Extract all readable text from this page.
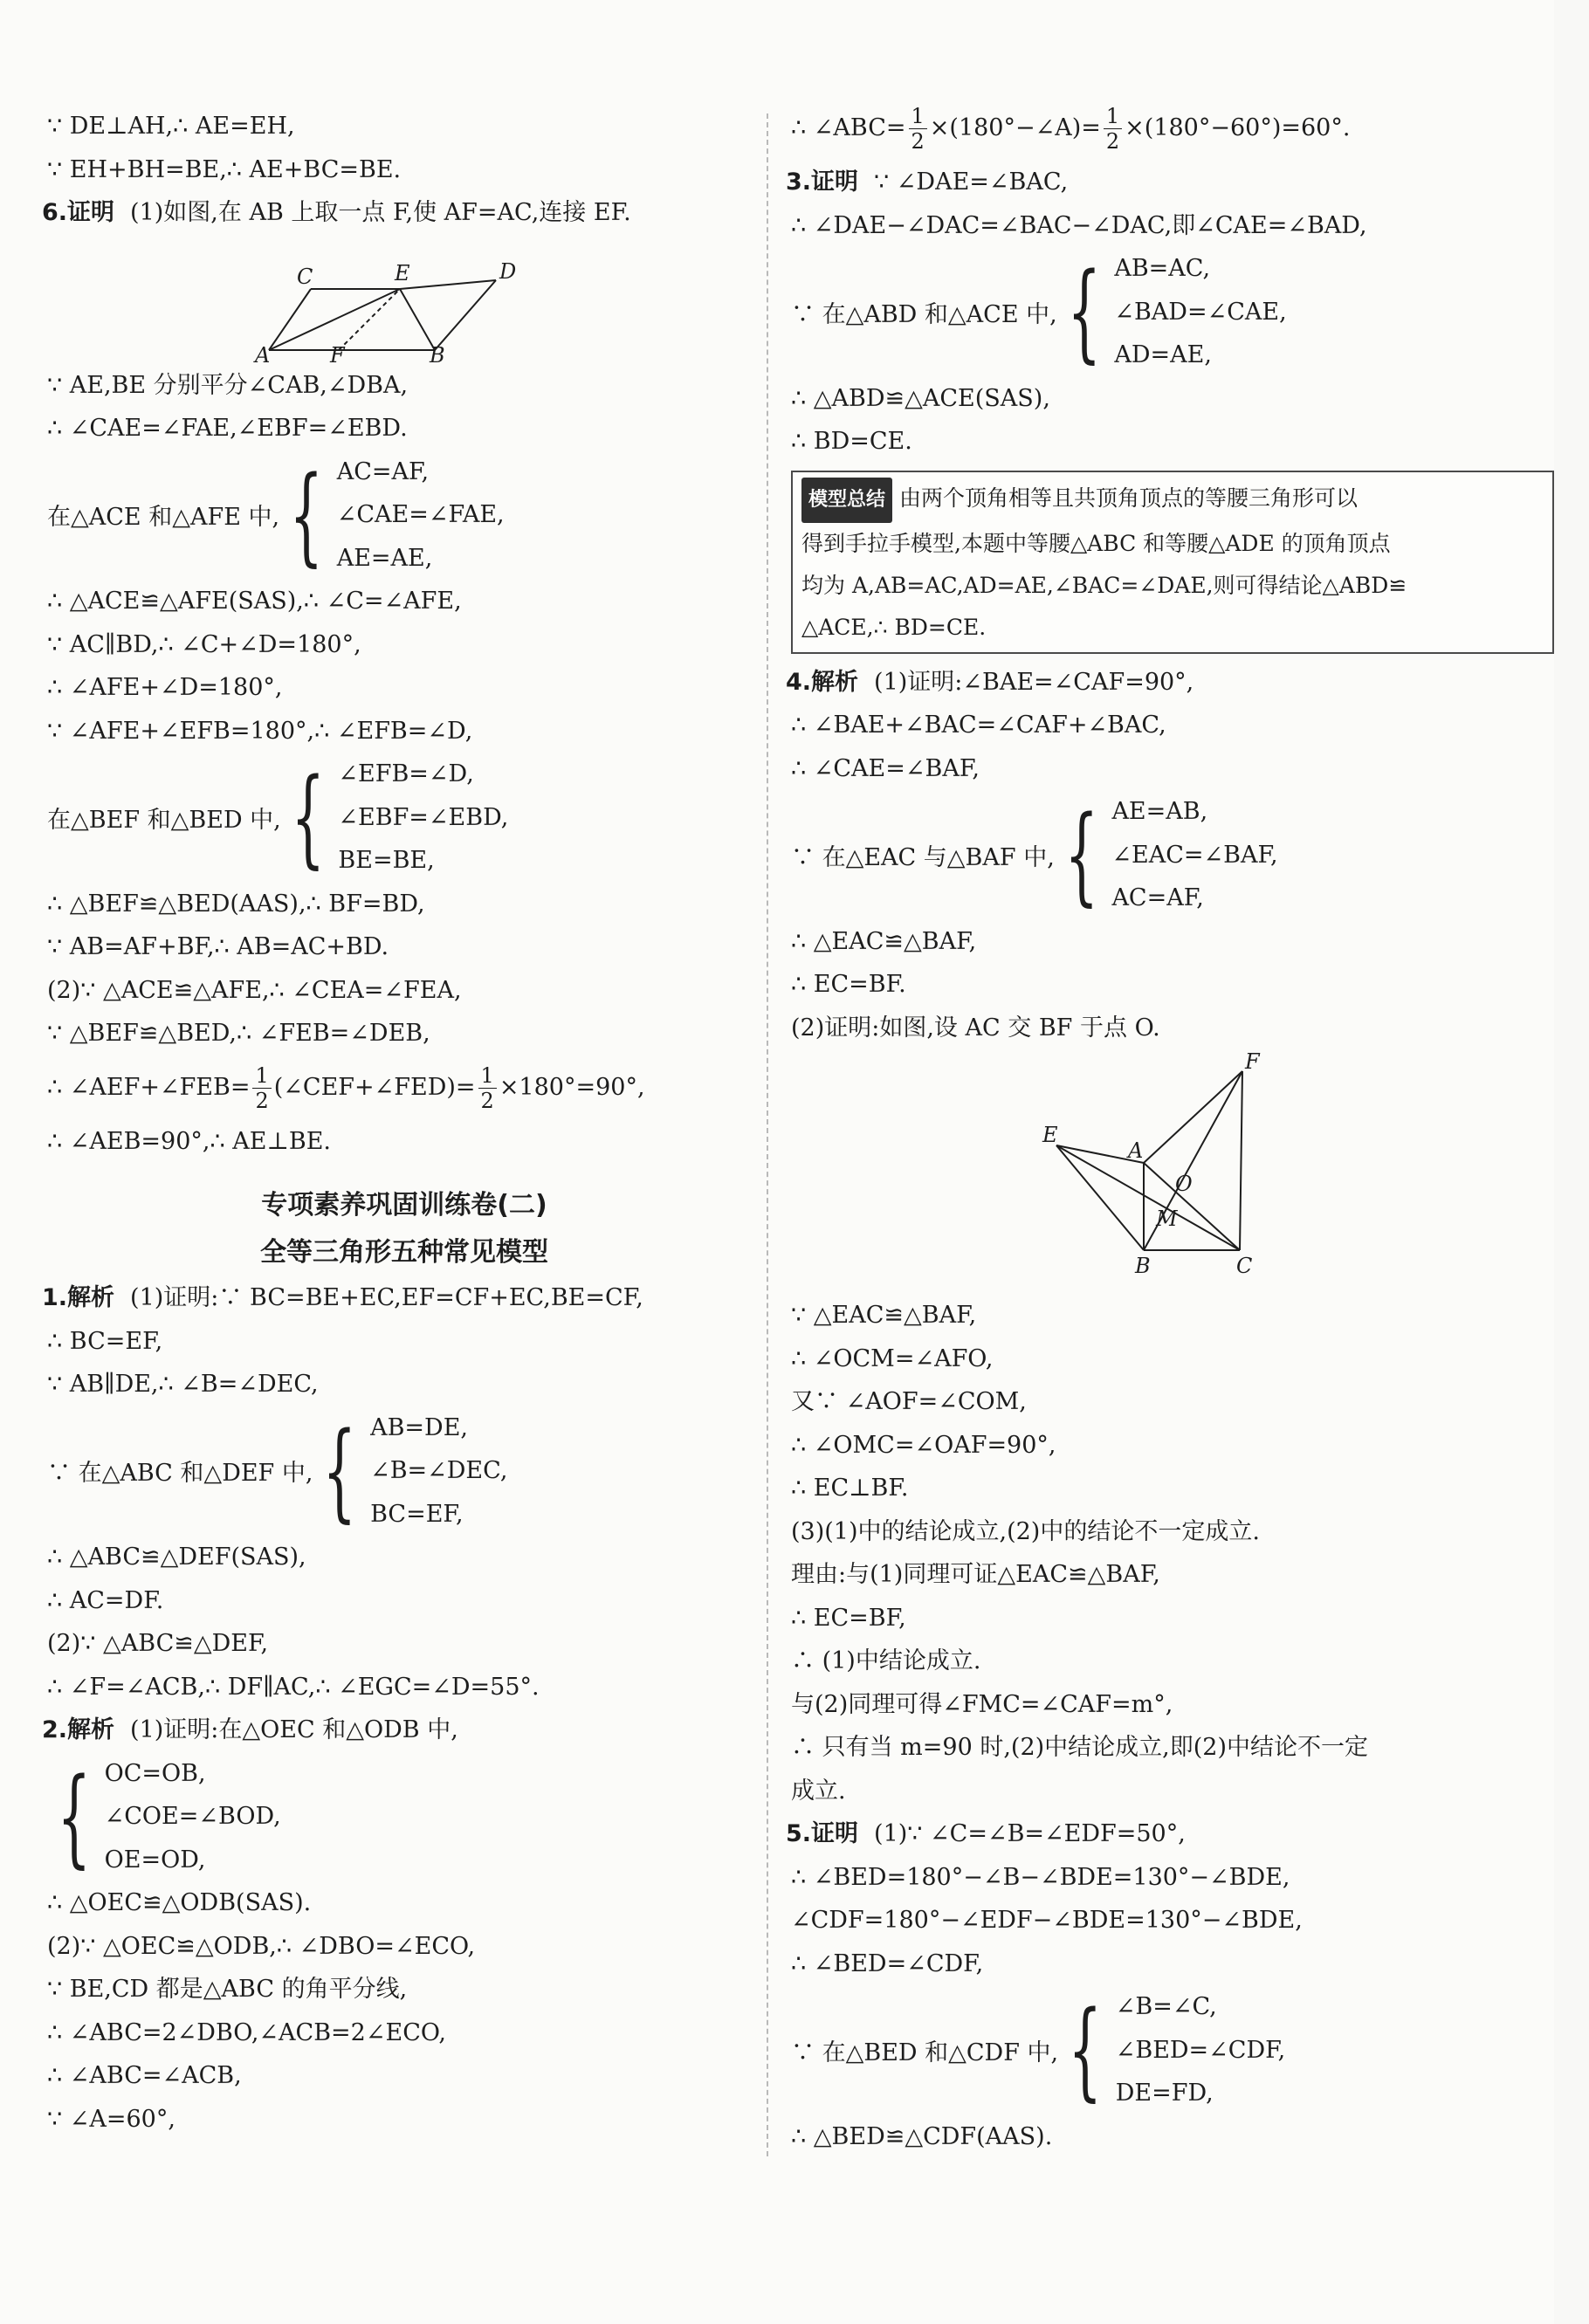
∵ DE⊥AH,∴ AE=EH,
∵ EH+BH=BE,∴ AE+BC=BE.
6.证明 (1)如图,在 AB 上取一点 F,使 AF=AC,连接 EF.
A	F	B
C	E	D
∵ AE,BE 分别平分∠CAB,∠DBA,
∴ ∠CAE=∠FAE,∠EBF=∠EBD.
在△ACE 和△AFE 中, { AC=AF,
∠CAE=∠FAE,
AE=AE,
∴ △ACE≌△AFE(SAS),∴ ∠C=∠AFE,
∵ AC∥BD,∴ ∠C+∠D=180°,
∴ ∠AFE+∠D=180°,
∵ ∠AFE+∠EFB=180°,∴ ∠EFB=∠D,
在△BEF 和△BED 中, { ∠EFB=∠D,
∠EBF=∠EBD,
BE=BE,
∴ △BEF≌△BED(AAS),∴ BF=BD,
∵ AB=AF+BF,∴ AB=AC+BD.
(2)∵ △ACE≌△AFE,∴ ∠CEA=∠FEA,
∵ △BEF≌△BED,∴ ∠FEB=∠DEB,
∴ ∠AEF+∠FEB= $\frac{1}{2}$ (∠CEF+∠FED)= $\frac{1}{2} \times 180^\circ=90^\circ$,
∴ ∠AEB=90°,∴ AE⊥BE.
专项素养巩固训练卷(二)
全等三角形五种常见模型
1.解析 (1)证明:∵ BC=BE+EC,EF=CF+EC,BE=CF,
∴ BC=EF,
∵ AB∥DE,∴ ∠B=∠DEC,
∵ 在△ABC 和△DEF 中, { AB=DE,
∠B=∠DEC,
BC=EF,
∴ △ABC≌△DEF(SAS),
∴ AC=DF.
(2)∵ △ABC≌△DEF,
∴ ∠F=∠ACB,∴ DF∥AC,∴ ∠EGC=∠D=55°.
2.解析 (1)证明:在△OEC 和△ODB 中,
{ OC=OB,
∠COE=∠BOD,
OE=OD,
∴ △OEC≌△ODB(SAS).
(2)∵ △OEC≌△ODB,∴ ∠DBO=∠ECO,
∵ BE,CD 都是△ABC 的角平分线,
∴ ∠ABC=2∠DBO,∠ACB=2∠ECO,
∴ ∠ABC=∠ACB,
∵ ∠A=60°,
∴ ∠ABC= $\frac{1}{2}$ ×(180°−∠A)= $\frac{1}{2} \times(180^\circ-60^\circ)=60^\circ$.
3.证明 ∵ ∠DAE=∠BAC,
∴ ∠DAE−∠DAC=∠BAC−∠DAC,即∠CAE=∠BAD,
∵ 在△ABD 和△ACE 中, { AB=AC,
∠BAD=∠CAE,
AD=AE,
∴ △ABD≌△ACE(SAS),
∴ BD=CE.
模型总结 由两个顶角相等且共顶角顶点的等腰三角形可以
得到手拉手模型,本题中等腰△ABC 和等腰△ADE 的顶角顶点
均为 A,AB=AC,AD=AE,∠BAC=∠DAE,则可得结论△ABD≌
△ACE,∴ BD=CE.
4.解析 (1)证明:∠BAE=∠CAF=90°,
∴ ∠BAE+∠BAC=∠CAF+∠BAC,
∴ ∠CAE=∠BAF,
∵ 在△EAC 与△BAF 中, { AE=AB,
∠EAC=∠BAF,
AC=AF,
∴ △EAC≌△BAF,
∴ EC=BF.
(2)证明:如图,设 AC 交 BF 于点 O.
E
A
O
M
B	C
F
∵ △EAC≌△BAF,
∴ ∠OCM=∠AFO,
又∵ ∠AOF=∠COM,
∴ ∠OMC=∠OAF=90°,
∴ EC⊥BF.
(3)(1)中的结论成立,(2)中的结论不一定成立.
理由:与(1)同理可证△EAC≌△BAF,
∴ EC=BF,
∴ (1)中结论成立.
与(2)同理可得∠FMC=∠CAF=m°,
∴ 只有当 m=90 时,(2)中结论成立,即(2)中结论不一定
成立.
5.证明 (1)∵ ∠C=∠B=∠EDF=50°,
∴ ∠BED=180°−∠B−∠BDE=130°−∠BDE,
∠CDF=180°−∠EDF−∠BDE=130°−∠BDE,
∴ ∠BED=∠CDF,
∵ 在△BED 和△CDF 中, { ∠B=∠C,
∠BED=∠CDF,
DE=FD,
∴ △BED≌△CDF(AAS).
